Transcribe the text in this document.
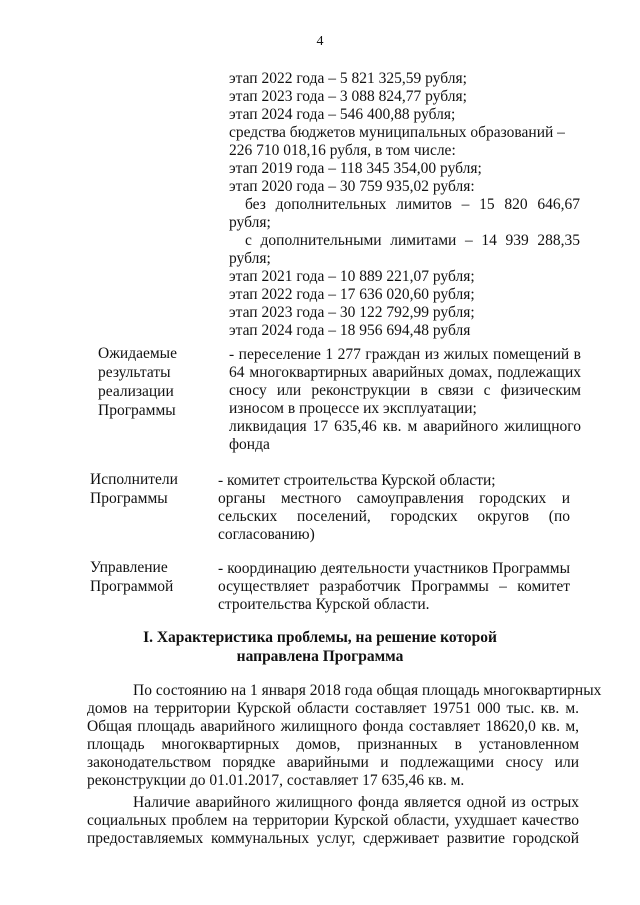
4
этап 2022 года – 5 821 325,59 рубля;
этап 2023 года – 3 088 824,77 рубля;
этап 2024 года – 546 400,88 рубля;
средства бюджетов муниципальных образований –
226 710 018,16 рубля, в том числе:
этап 2019 года – 118 345 354,00 рубля;
этап 2020 года – 30 759 935,02 рубля:
без дополнительных лимитов – 15 820 646,67
рубля;
с дополнительными лимитами – 14 939 288,35
рубля;
этап 2021 года – 10 889 221,07 рубля;
этап 2022 года – 17 636 020,60 рубля;
этап 2023 года – 30 122 792,99 рубля;
этап 2024 года – 18 956 694,48 рубля
Ожидаемые
результаты
реализации
Программы
- переселение 1 277 граждан из жилых помещений в
64 многоквартирных аварийных домах, подлежащих
сносу или реконструкции в связи с физическим
износом в процессе их эксплуатации;
ликвидация 17 635,46 кв. м аварийного жилищного
фонда
Исполнители
Программы
- комитет строительства Курской области;
органы местного самоуправления городских и
сельских поселений, городских округов (по
согласованию)
Управление
Программой
- координацию деятельности участников Программы
осуществляет разработчик Программы – комитет
строительства Курской области.
I. Характеристика проблемы, на решение которой
направлена Программа
По состоянию на 1 января 2018 года общая площадь многоквартирных
домов на территории Курской области составляет 19751 000 тыс. кв. м.
Общая площадь аварийного жилищного фонда составляет 18620,0 кв. м,
площадь многоквартирных домов, признанных в установленном
законодательством порядке аварийными и подлежащими сносу или
реконструкции до 01.01.2017, составляет 17 635,46 кв. м.
Наличие аварийного жилищного фонда является одной из острых
социальных проблем на территории Курской области, ухудшает качество
предоставляемых коммунальных услуг, сдерживает развитие городской
